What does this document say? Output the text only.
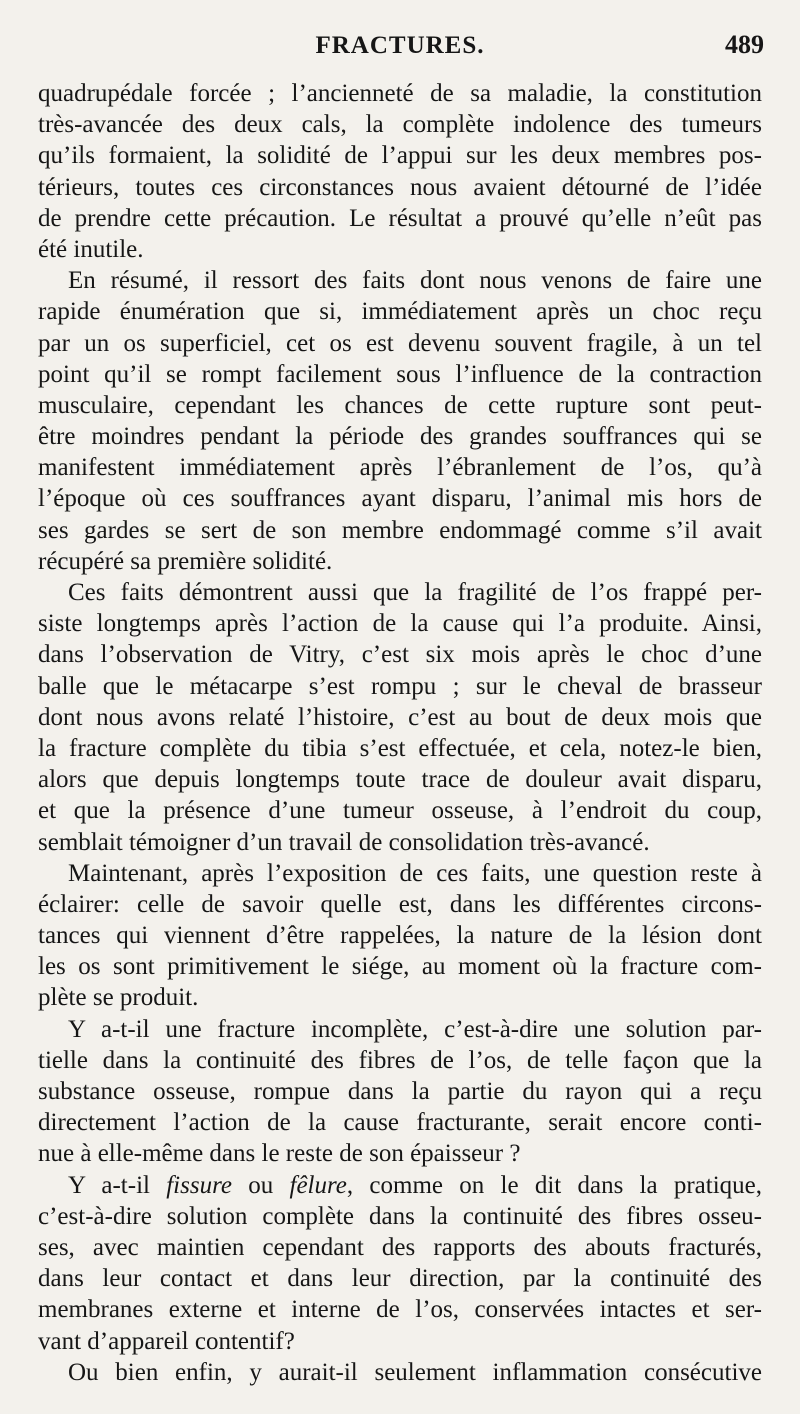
FRACTURES.	489
quadrupédale forcée ; l’ancienneté de sa maladie, la constitution
très-avancée des deux cals, la complète indolence des tumeurs
qu’ils formaient, la solidité de l’appui sur les deux membres pos-
térieurs, toutes ces circonstances nous avaient détourné de l’idée
de prendre cette précaution. Le résultat a prouvé qu’elle n’eût pas
été inutile.
En résumé, il ressort des faits dont nous venons de faire une
rapide énumération que si, immédiatement après un choc reçu
par un os superficiel, cet os est devenu souvent fragile, à un tel
point qu’il se rompt facilement sous l’influence de la contraction
musculaire, cependant les chances de cette rupture sont peut-
être moindres pendant la période des grandes souffrances qui se
manifestent immédiatement après l’ébranlement de l’os, qu’à
l’époque où ces souffrances ayant disparu, l’animal mis hors de
ses gardes se sert de son membre endommagé comme s’il avait
récupéré sa première solidité.
Ces faits démontrent aussi que la fragilité de l’os frappé per-
siste longtemps après l’action de la cause qui l’a produite. Ainsi,
dans l’observation de Vitry, c’est six mois après le choc d’une
balle que le métacarpe s’est rompu ; sur le cheval de brasseur
dont nous avons relaté l’histoire, c’est au bout de deux mois que
la fracture complète du tibia s’est effectuée, et cela, notez-le bien,
alors que depuis longtemps toute trace de douleur avait disparu,
et que la présence d’une tumeur osseuse, à l’endroit du coup,
semblait témoigner d’un travail de consolidation très-avancé.
Maintenant, après l’exposition de ces faits, une question reste à
éclairer: celle de savoir quelle est, dans les différentes circons-
tances qui viennent d’être rappelées, la nature de la lésion dont
les os sont primitivement le siége, au moment où la fracture com-
plète se produit.
Y a-t-il une fracture incomplète, c’est-à-dire une solution par-
tielle dans la continuité des fibres de l’os, de telle façon que la
substance osseuse, rompue dans la partie du rayon qui a reçu
directement l’action de la cause fracturante, serait encore conti-
nue à elle-même dans le reste de son épaisseur ?
Y a-t-il fissure ou fêlure, comme on le dit dans la pratique,
c’est-à-dire solution complète dans la continuité des fibres osseu-
ses, avec maintien cependant des rapports des abouts fracturés,
dans leur contact et dans leur direction, par la continuité des
membranes externe et interne de l’os, conservées intactes et ser-
vant d’appareil contentif?
Ou bien enfin, y aurait-il seulement inflammation consécutive
